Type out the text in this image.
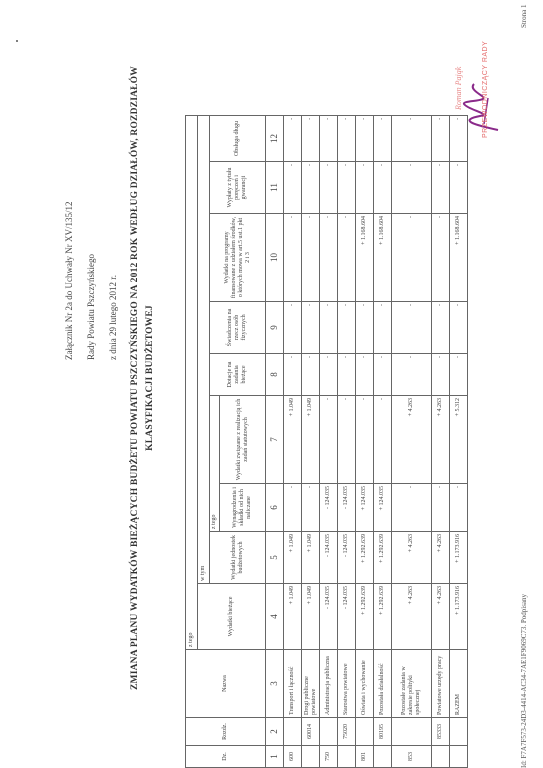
Załącznik Nr 2a do Uchwały Nr XV/135/12	Rady Powiatu Pszczyńskiego	z dnia 29 lutego 2012 r.	ZMIANA PLANU WYDATKÓW BIEŻĄCYCH BUDŻETU POWIATU PSZCZYŃSKIEGO NA 2012 ROK WEDŁUG DZIAŁÓW, ROZDZIAŁÓW KLASYFIKACJI BUDŻETOWEJ
Dz.	Rozdz.	Nazwa	z tego								
			Wydatki bieżące	w tym							
				Wydatki jednostek budżetowych	z tego		Dotacje na zadania bieżące	Świadczenia na rzecz osób fizycznych	Wydatki na programy finansowane z udziałem środków, o których mowa w art.5 ust.1 pkt 2 i 3	Wypłaty z tytułu poręczeń i gwarancji	Obsługa długu
					Wynagrodzenia i składki od nich naliczane	Wydatki związane z realizacją ich zadań statutowych					
1	2	3	4	5	6	7	8	9	10	11	12
600		Transport i łączność	+ 1.049	+ 1.049	-	+ 1.049	-	-	-	-	-
	60014	Drogi publiczne powiatowe	+ 1.049	+ 1.049	-	+ 1.049	-	-	-	-	-
750		Administracja publiczna	- 124.035	- 124.035	- 124.035	-	-	-	-	-	-
	75020	Starostwa powiatowe	- 124.035	- 124.035	- 124.035	-	-	-	-	-	-
801		Oświata i wychowanie	+ 1.292.639	+ 1.292.639	+ 124.035	-	-	-	+ 1.168.604	-	-
	80195	Pozostała działalność	+ 1.292.639	+ 1.292.639	+ 124.035	-	-	-	+ 1.168.604	-	-
853		Pozostałe zadania w zakresie polityki społecznej	+ 4.263	+ 4.263	-	+ 4.263	-	-	-	-	-
	85333	Powiatowe urzędy pracy	+ 4.263	+ 4.263	-	+ 4.263	-	-	-	-	-
		RAZEM	+ 1.173.916	+ 1.173.916	-	+ 5.312	-	-	+ 1.168.604	-	-	PRZEWODNICZĄCY RADY
Roman Pająk
Id: F7A7F573-24D3-4414-AC34-7AE1F9069C73. Podpisany
Strona 1
